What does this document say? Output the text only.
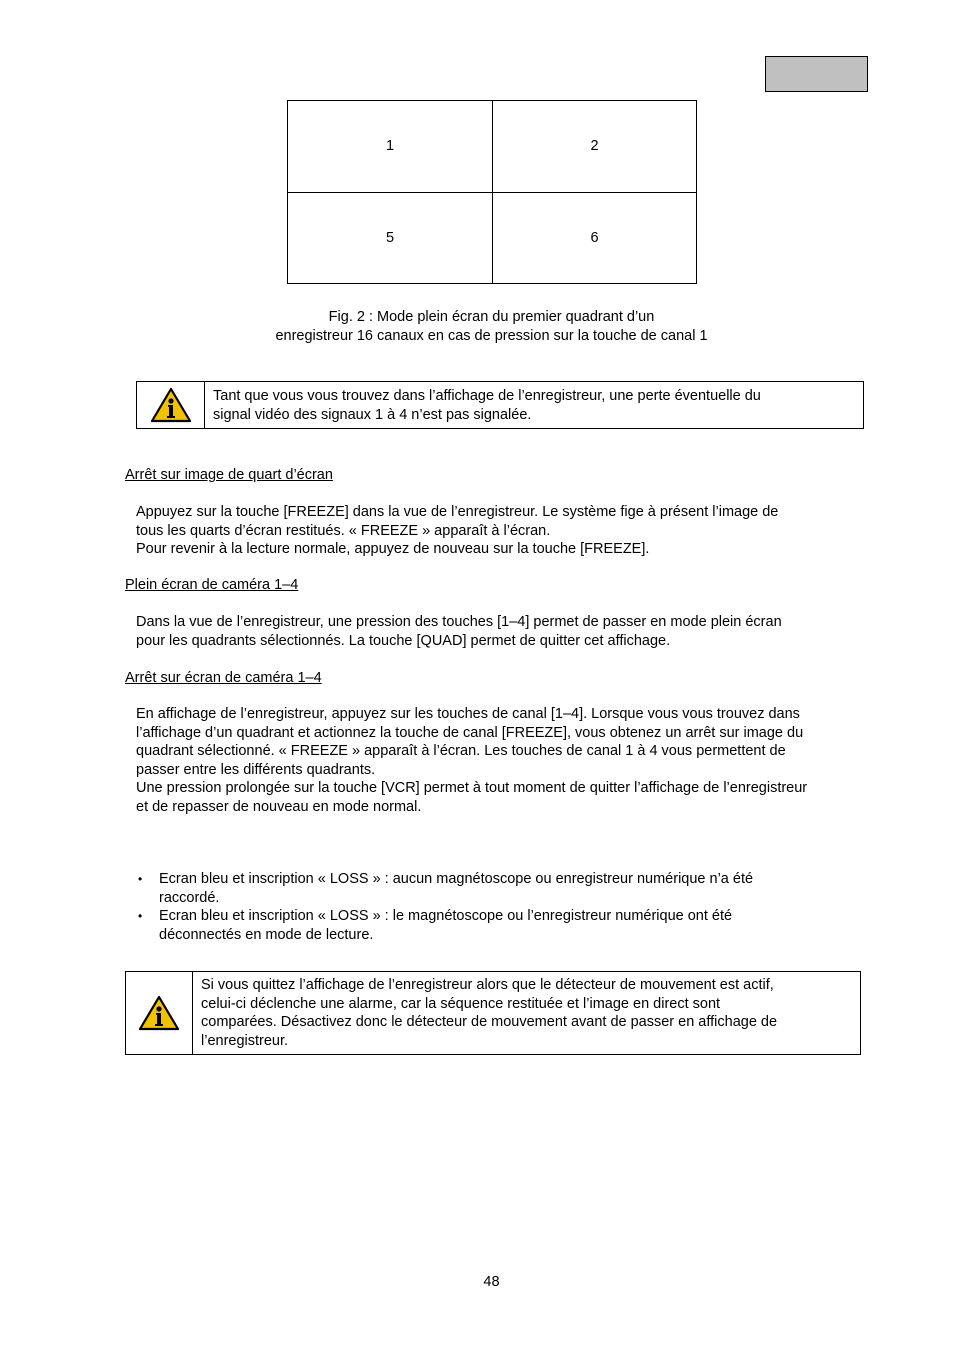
1	2
5	6
Fig. 2 : Mode plein écran du premier quadrant d’un
enregistreur 16 canaux en cas de pression sur la touche de canal 1
Tant que vous vous trouvez dans l’affichage de l’enregistreur, une perte éventuelle du
signal vidéo des signaux 1 à 4 n’est pas signalée.
Arrêt sur image de quart d’écran
Appuyez sur la touche [FREEZE] dans la vue de l’enregistreur. Le système fige à présent l’image de
tous les quarts d’écran restitués. « FREEZE » apparaît à l’écran.
Pour revenir à la lecture normale, appuyez de nouveau sur la touche [FREEZE].
Plein écran de caméra 1–4
Dans la vue de l’enregistreur, une pression des touches [1–4] permet de passer en mode plein écran
pour les quadrants sélectionnés. La touche [QUAD] permet de quitter cet affichage.
Arrêt sur écran de caméra 1–4
En affichage de l’enregistreur, appuyez sur les touches de canal [1–4]. Lorsque vous vous trouvez dans
l’affichage d’un quadrant et actionnez la touche de canal [FREEZE], vous obtenez un arrêt sur image du
quadrant sélectionné. « FREEZE » apparaît à l’écran. Les touches de canal 1 à 4 vous permettent de
passer entre les différents quadrants.
Une pression prolongée sur la touche [VCR] permet à tout moment de quitter l’affichage de l’enregistreur
et de repasser de nouveau en mode normal.
• Ecran bleu et inscription « LOSS » : aucun magnétoscope ou enregistreur numérique n’a été
raccordé.
• Ecran bleu et inscription « LOSS » : le magnétoscope ou l’enregistreur numérique ont été
déconnectés en mode de lecture.
Si vous quittez l’affichage de l’enregistreur alors que le détecteur de mouvement est actif,
celui-ci déclenche une alarme, car la séquence restituée et l’image en direct sont
comparées. Désactivez donc le détecteur de mouvement avant de passer en affichage de
l’enregistreur.
48
